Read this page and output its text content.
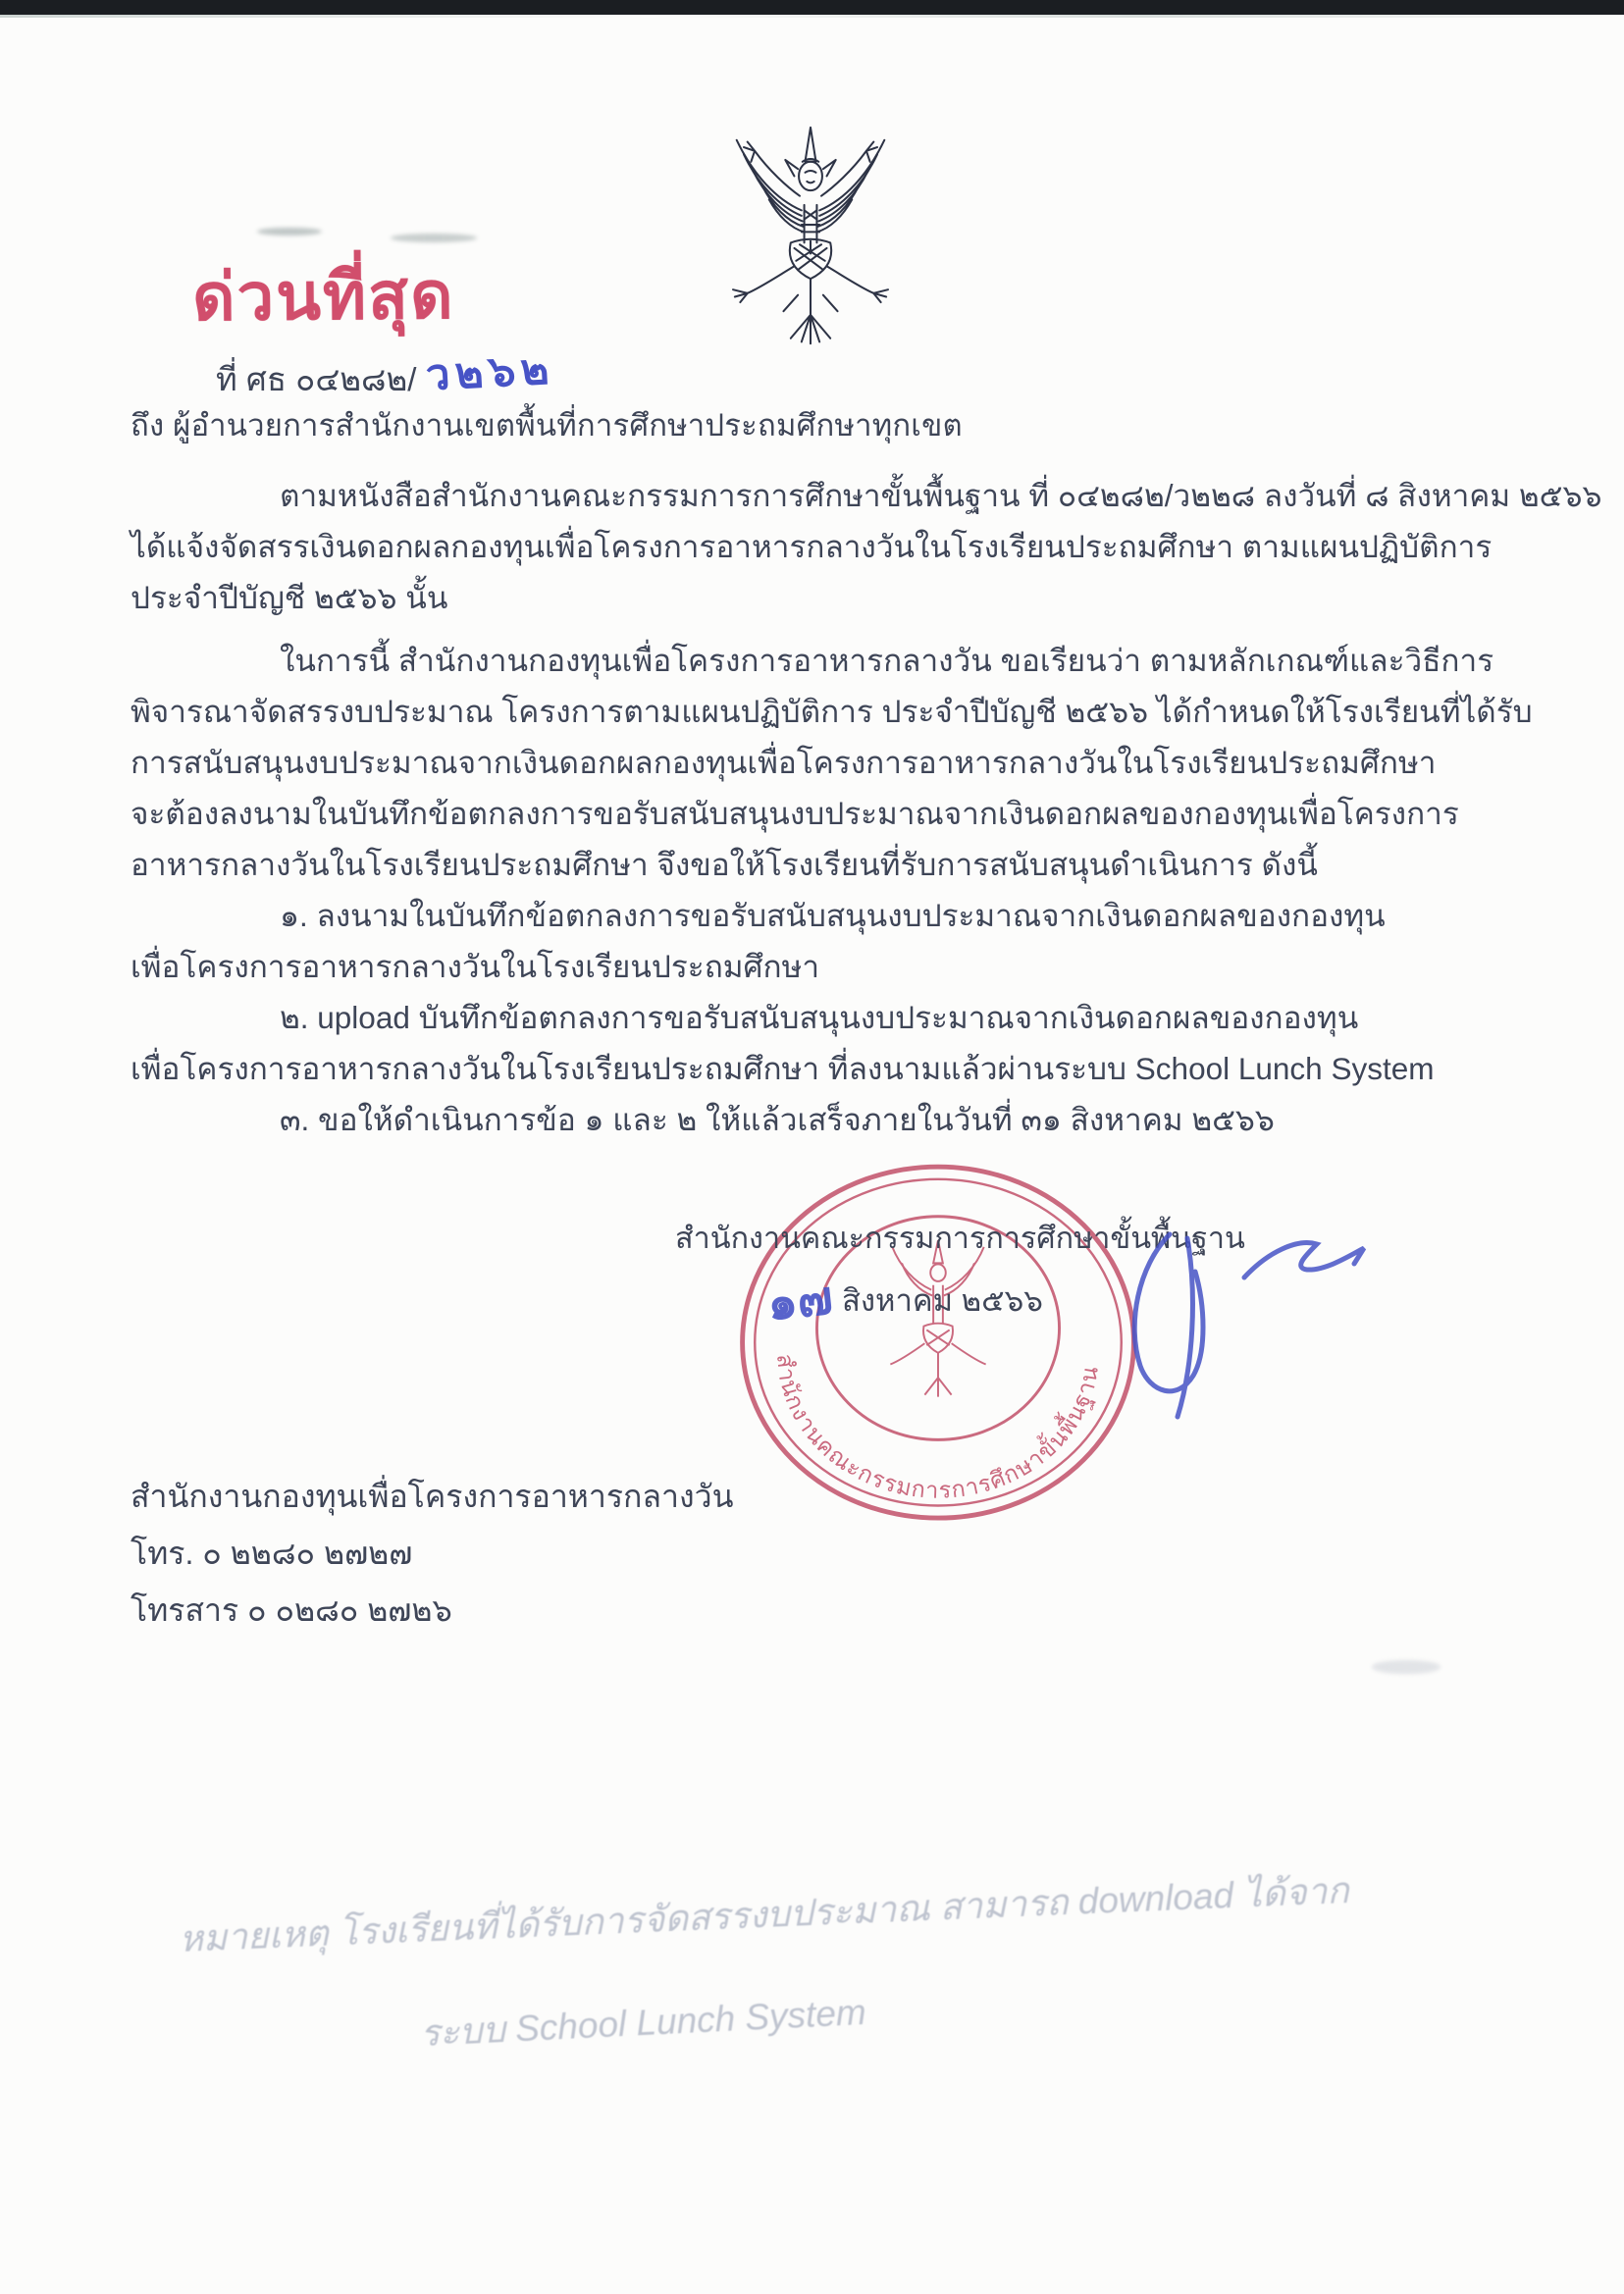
ด่วนที่สุด
ที่ ศธ ๐๔๒๘๒/ ว๒๖๒
ถึง ผู้อำนวยการสำนักงานเขตพื้นที่การศึกษาประถมศึกษาทุกเขต
ตามหนังสือสำนักงานคณะกรรมการการศึกษาขั้นพื้นฐาน ที่ ๐๔๒๘๒/ว๒๒๘ ลงวันที่ ๘ สิงหาคม ๒๕๖๖
ได้แจ้งจัดสรรเงินดอกผลกองทุนเพื่อโครงการอาหารกลางวันในโรงเรียนประถมศึกษา ตามแผนปฏิบัติการ
ประจำปีบัญชี ๒๕๖๖ นั้น
ในการนี้ สำนักงานกองทุนเพื่อโครงการอาหารกลางวัน ขอเรียนว่า ตามหลักเกณฑ์และวิธีการ
พิจารณาจัดสรรงบประมาณ โครงการตามแผนปฏิบัติการ ประจำปีบัญชี ๒๕๖๖ ได้กำหนดให้โรงเรียนที่ได้รับ
การสนับสนุนงบประมาณจากเงินดอกผลกองทุนเพื่อโครงการอาหารกลางวันในโรงเรียนประถมศึกษา
จะต้องลงนามในบันทึกข้อตกลงการขอรับสนับสนุนงบประมาณจากเงินดอกผลของกองทุนเพื่อโครงการ
อาหารกลางวันในโรงเรียนประถมศึกษา จึงขอให้โรงเรียนที่รับการสนับสนุนดำเนินการ ดังนี้
๑. ลงนามในบันทึกข้อตกลงการขอรับสนับสนุนงบประมาณจากเงินดอกผลของกองทุน
เพื่อโครงการอาหารกลางวันในโรงเรียนประถมศึกษา
๒. upload บันทึกข้อตกลงการขอรับสนับสนุนงบประมาณจากเงินดอกผลของกองทุน
เพื่อโครงการอาหารกลางวันในโรงเรียนประถมศึกษา ที่ลงนามแล้วผ่านระบบ School Lunch System
๓. ขอให้ดำเนินการข้อ ๑ และ ๒ ให้แล้วเสร็จภายในวันที่ ๓๑ สิงหาคม ๒๕๖๖
สำนักงานคณะกรรมการการศึกษาขั้นพื้นฐาน
สำนักงานคณะกรรมการการศึกษาขั้นพื้นฐาน
๑๗ สิงหาคม ๒๕๖๖
สำนักงานกองทุนเพื่อโครงการอาหารกลางวัน
โทร. ๐ ๒๒๘๐ ๒๗๒๗
โทรสาร ๐ ๐๒๘๐ ๒๗๒๖
หมายเหตุ โรงเรียนที่ได้รับการจัดสรรงบประมาณ สามารถ download ได้จาก
ระบบ School Lunch System
